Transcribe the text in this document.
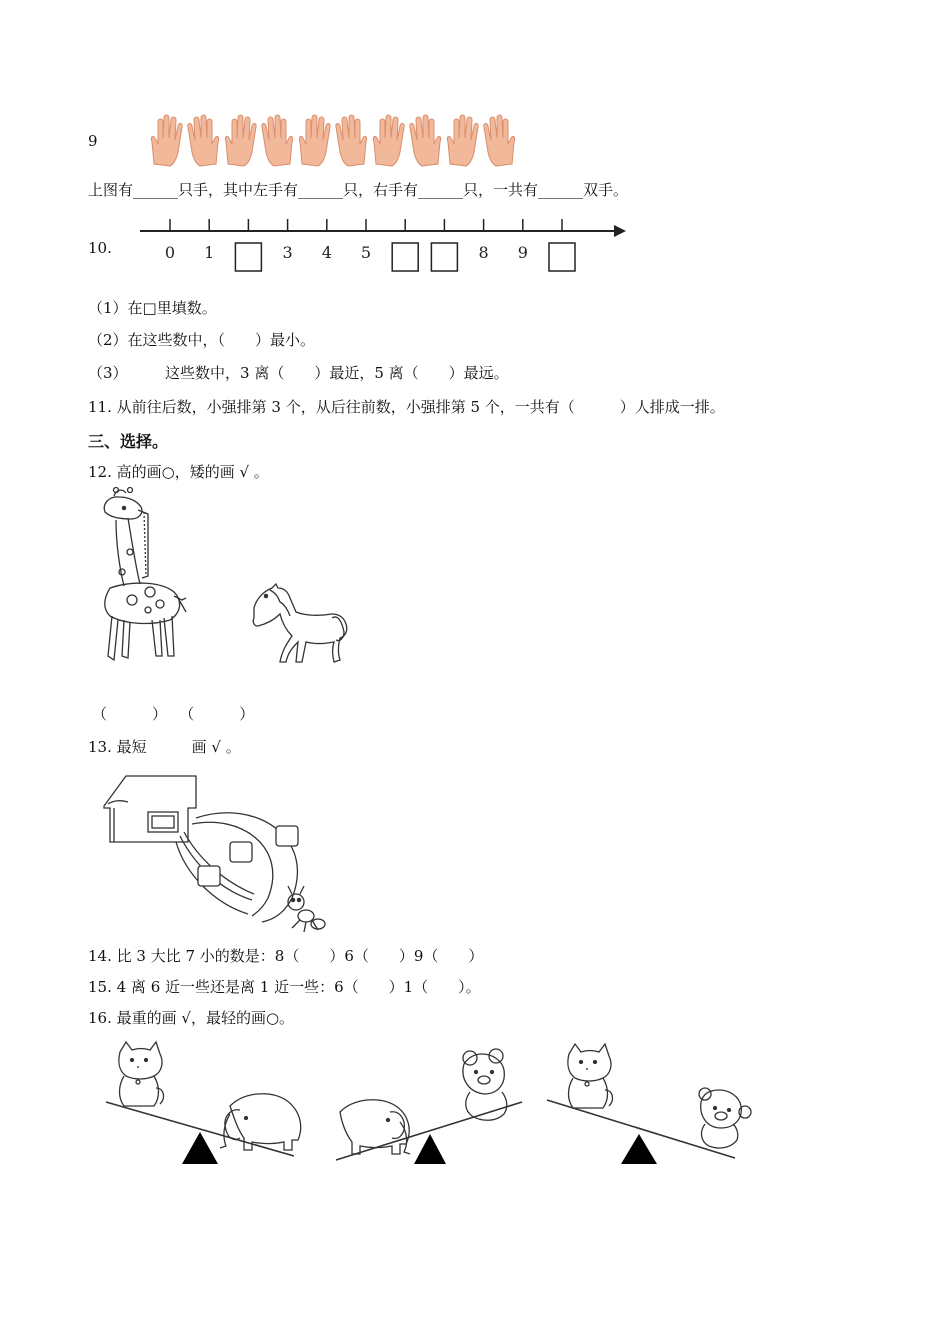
9
上图有______只手，其中左手有______只，右手有______只，一共有______双手。
10.	0 1	3 4 5	8 9
（1）在□里填数。
（2）在这些数中，（　　）最小。
（3）　　　这些数中，3 离（　　）最近，5 离（　　）最远。
11. 从前往后数，小强排第 3 个，从后往前数，小强排第 5 个，一共有（　　　）人排成一排。
三、选择。
12. 高的画○，矮的画 √ 。
（　　　）　 （　　　）
13. 最短　　　画 √ 。
14. 比 3 大比 7 小的数是：8（　　）6（　　）9（　　）
15. 4 离 6 近一些还是离 1 近一些：6（　　）1（　　）。
16. 最重的画 √，最轻的画○。
